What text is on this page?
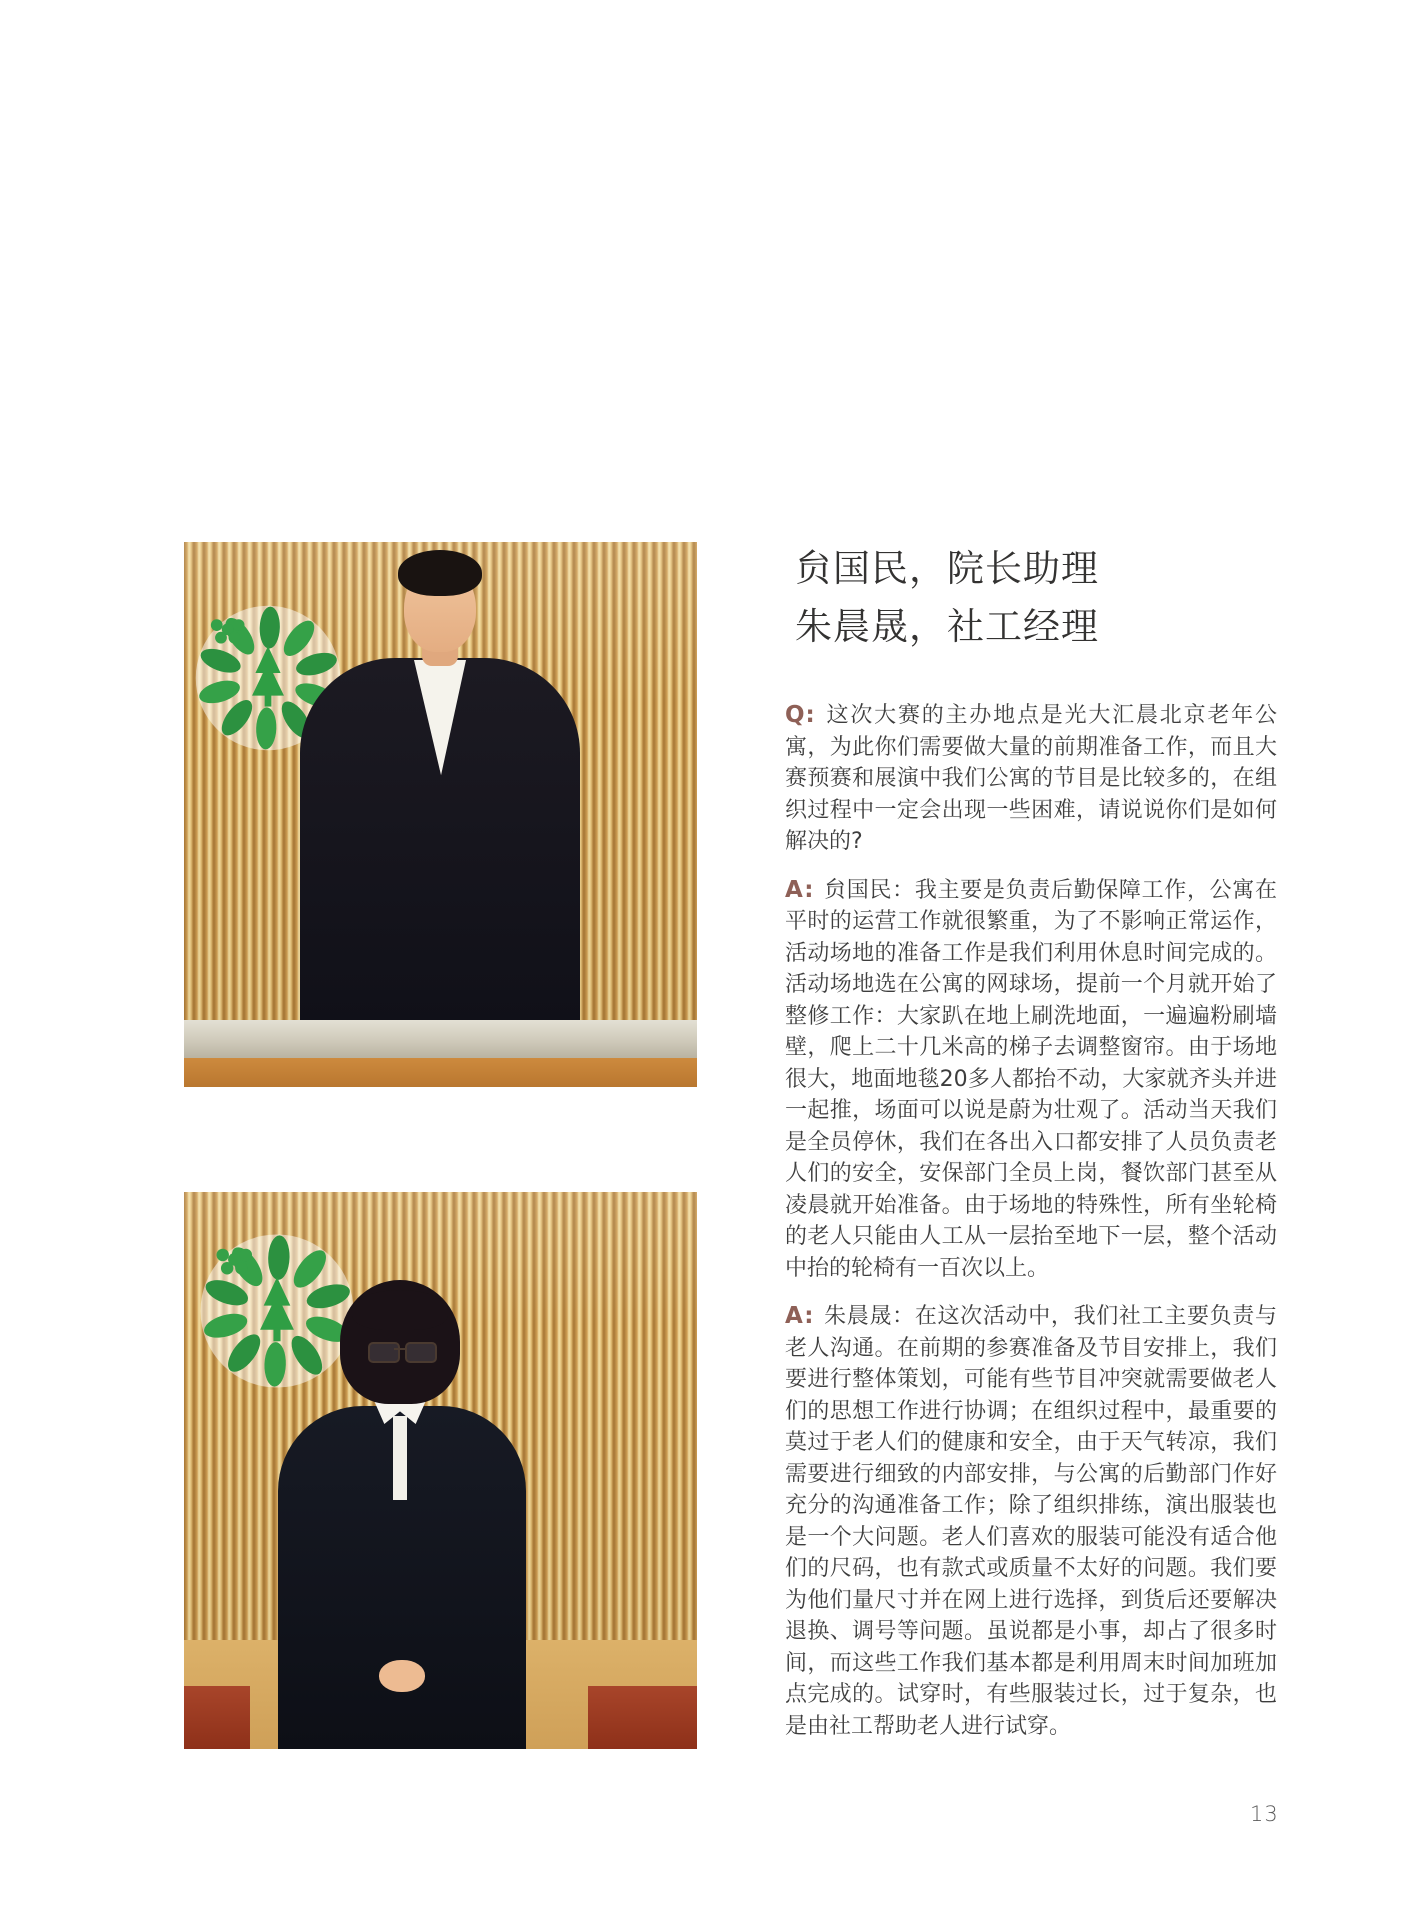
贠国民，院长助理
朱晨晟，社工经理

Q: 这次大赛的主办地点是光大汇晨北京老年公寓，为此你们需要做大量的前期准备工作，而且大赛预赛和展演中我们公寓的节目是比较多的，在组织过程中一定会出现一些困难，请说说你们是如何解决的?

A: 贠国民：我主要是负责后勤保障工作，公寓在平时的运营工作就很繁重，为了不影响正常运作，活动场地的准备工作是我们利用休息时间完成的。活动场地选在公寓的网球场，提前一个月就开始了整修工作：大家趴在地上刷洗地面，一遍遍粉刷墙壁，爬上二十几米高的梯子去调整窗帘。由于场地很大，地面地毯20多人都抬不动，大家就齐头并进一起推，场面可以说是蔚为壮观了。活动当天我们是全员停休，我们在各出入口都安排了人员负责老人们的安全，安保部门全员上岗，餐饮部门甚至从凌晨就开始准备。由于场地的特殊性，所有坐轮椅的老人只能由人工从一层抬至地下一层，整个活动中抬的轮椅有一百次以上。

A: 朱晨晟：在这次活动中，我们社工主要负责与老人沟通。在前期的参赛准备及节目安排上，我们要进行整体策划，可能有些节目冲突就需要做老人们的思想工作进行协调；在组织过程中，最重要的莫过于老人们的健康和安全，由于天气转凉，我们需要进行细致的内部安排，与公寓的后勤部门作好充分的沟通准备工作；除了组织排练，演出服装也是一个大问题。老人们喜欢的服装可能没有适合他们的尺码，也有款式或质量不太好的问题。我们要为他们量尺寸并在网上进行选择，到货后还要解决退换、调号等问题。虽说都是小事，却占了很多时间，而这些工作我们基本都是利用周末时间加班加点完成的。试穿时，有些服装过长，过于复杂，也是由社工帮助老人进行试穿。

13
